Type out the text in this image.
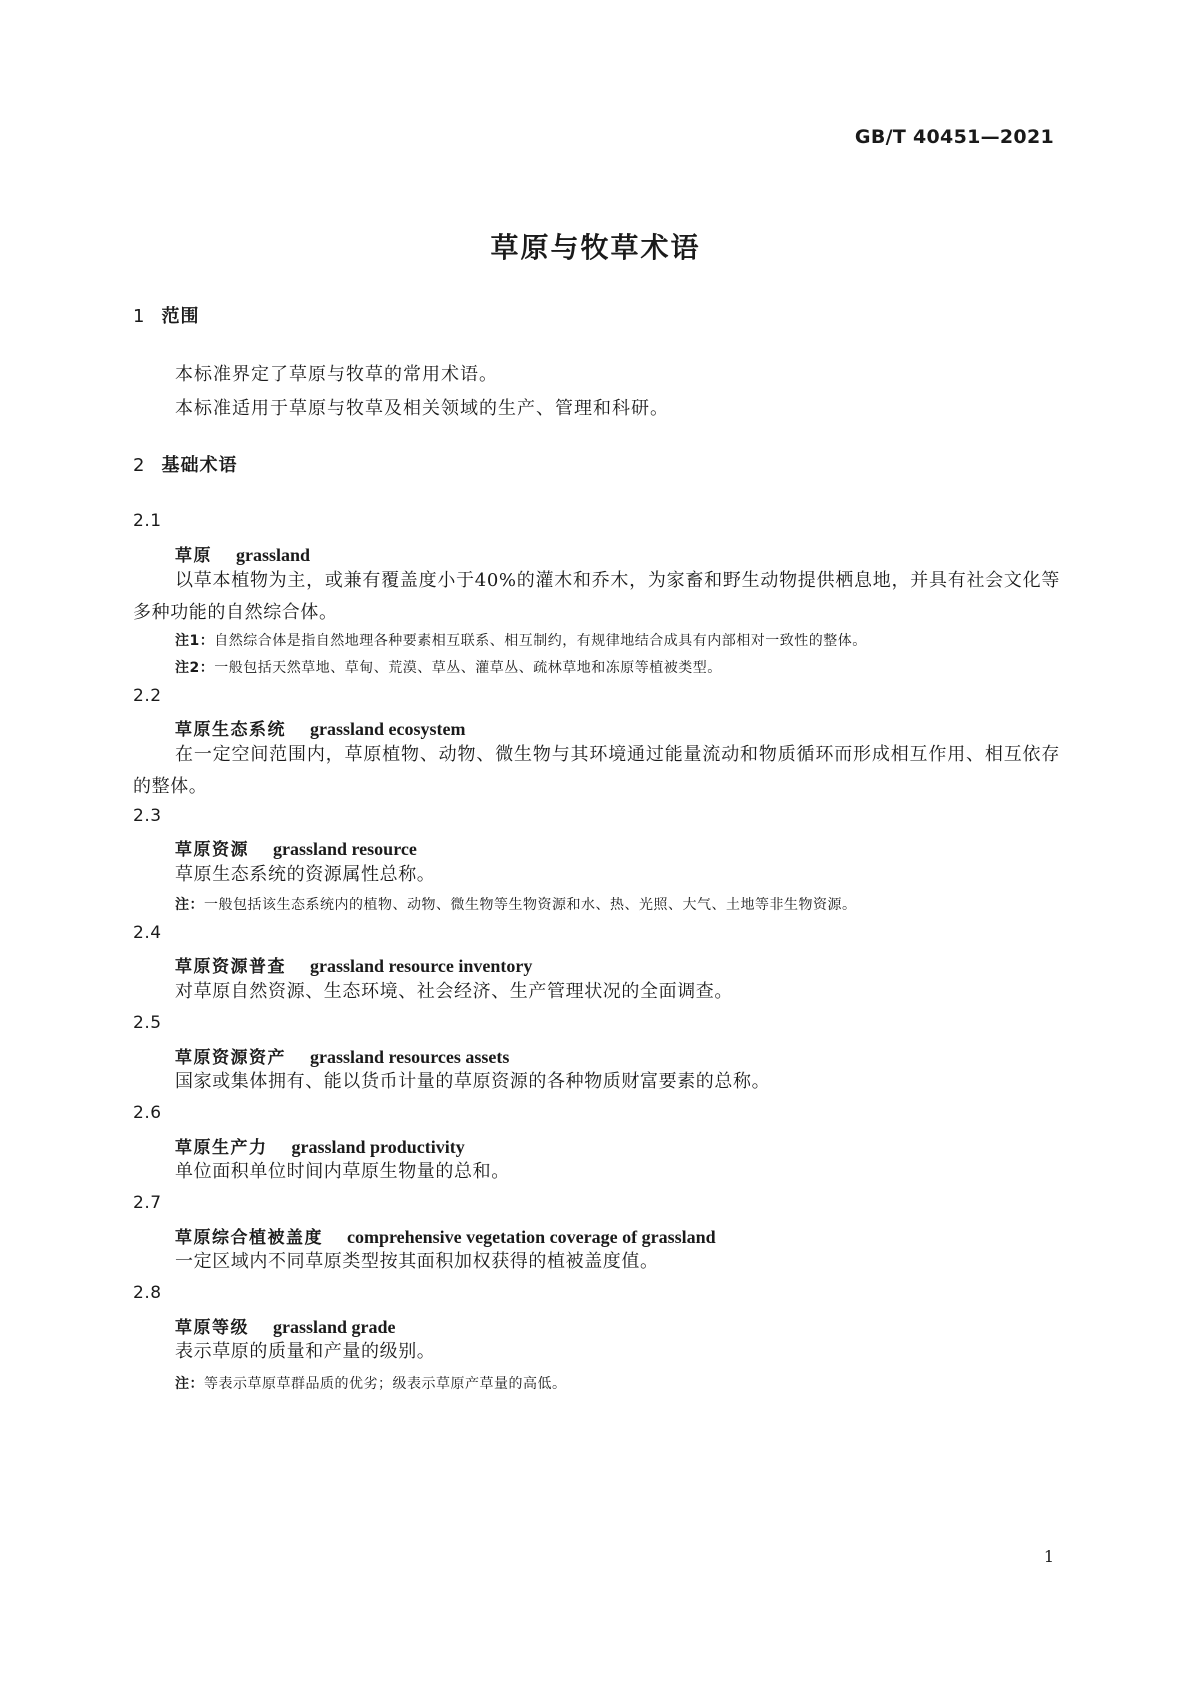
GB/T 40451—2021
草原与牧草术语
1 范围
本标准界定了草原与牧草的常用术语。
本标准适用于草原与牧草及相关领域的生产、管理和科研。
2 基础术语
2.1
草原 grassland
以草本植物为主，或兼有覆盖度小于40%的灌木和乔木，为家畜和野生动物提供栖息地，并具有社会文化等多种功能的自然综合体。
注1：自然综合体是指自然地理各种要素相互联系、相互制约，有规律地结合成具有内部相对一致性的整体。
注2：一般包括天然草地、草甸、荒漠、草丛、灌草丛、疏林草地和冻原等植被类型。
2.2
草原生态系统 grassland ecosystem
在一定空间范围内，草原植物、动物、微生物与其环境通过能量流动和物质循环而形成相互作用、相互依存的整体。
2.3
草原资源 grassland resource
草原生态系统的资源属性总称。
注：一般包括该生态系统内的植物、动物、微生物等生物资源和水、热、光照、大气、土地等非生物资源。
2.4
草原资源普查 grassland resource inventory
对草原自然资源、生态环境、社会经济、生产管理状况的全面调查。
2.5
草原资源资产 grassland resources assets
国家或集体拥有、能以货币计量的草原资源的各种物质财富要素的总称。
2.6
草原生产力 grassland productivity
单位面积单位时间内草原生物量的总和。
2.7
草原综合植被盖度 comprehensive vegetation coverage of grassland
一定区域内不同草原类型按其面积加权获得的植被盖度值。
2.8
草原等级 grassland grade
表示草原的质量和产量的级别。
注：等表示草原草群品质的优劣；级表示草原产草量的高低。
1
